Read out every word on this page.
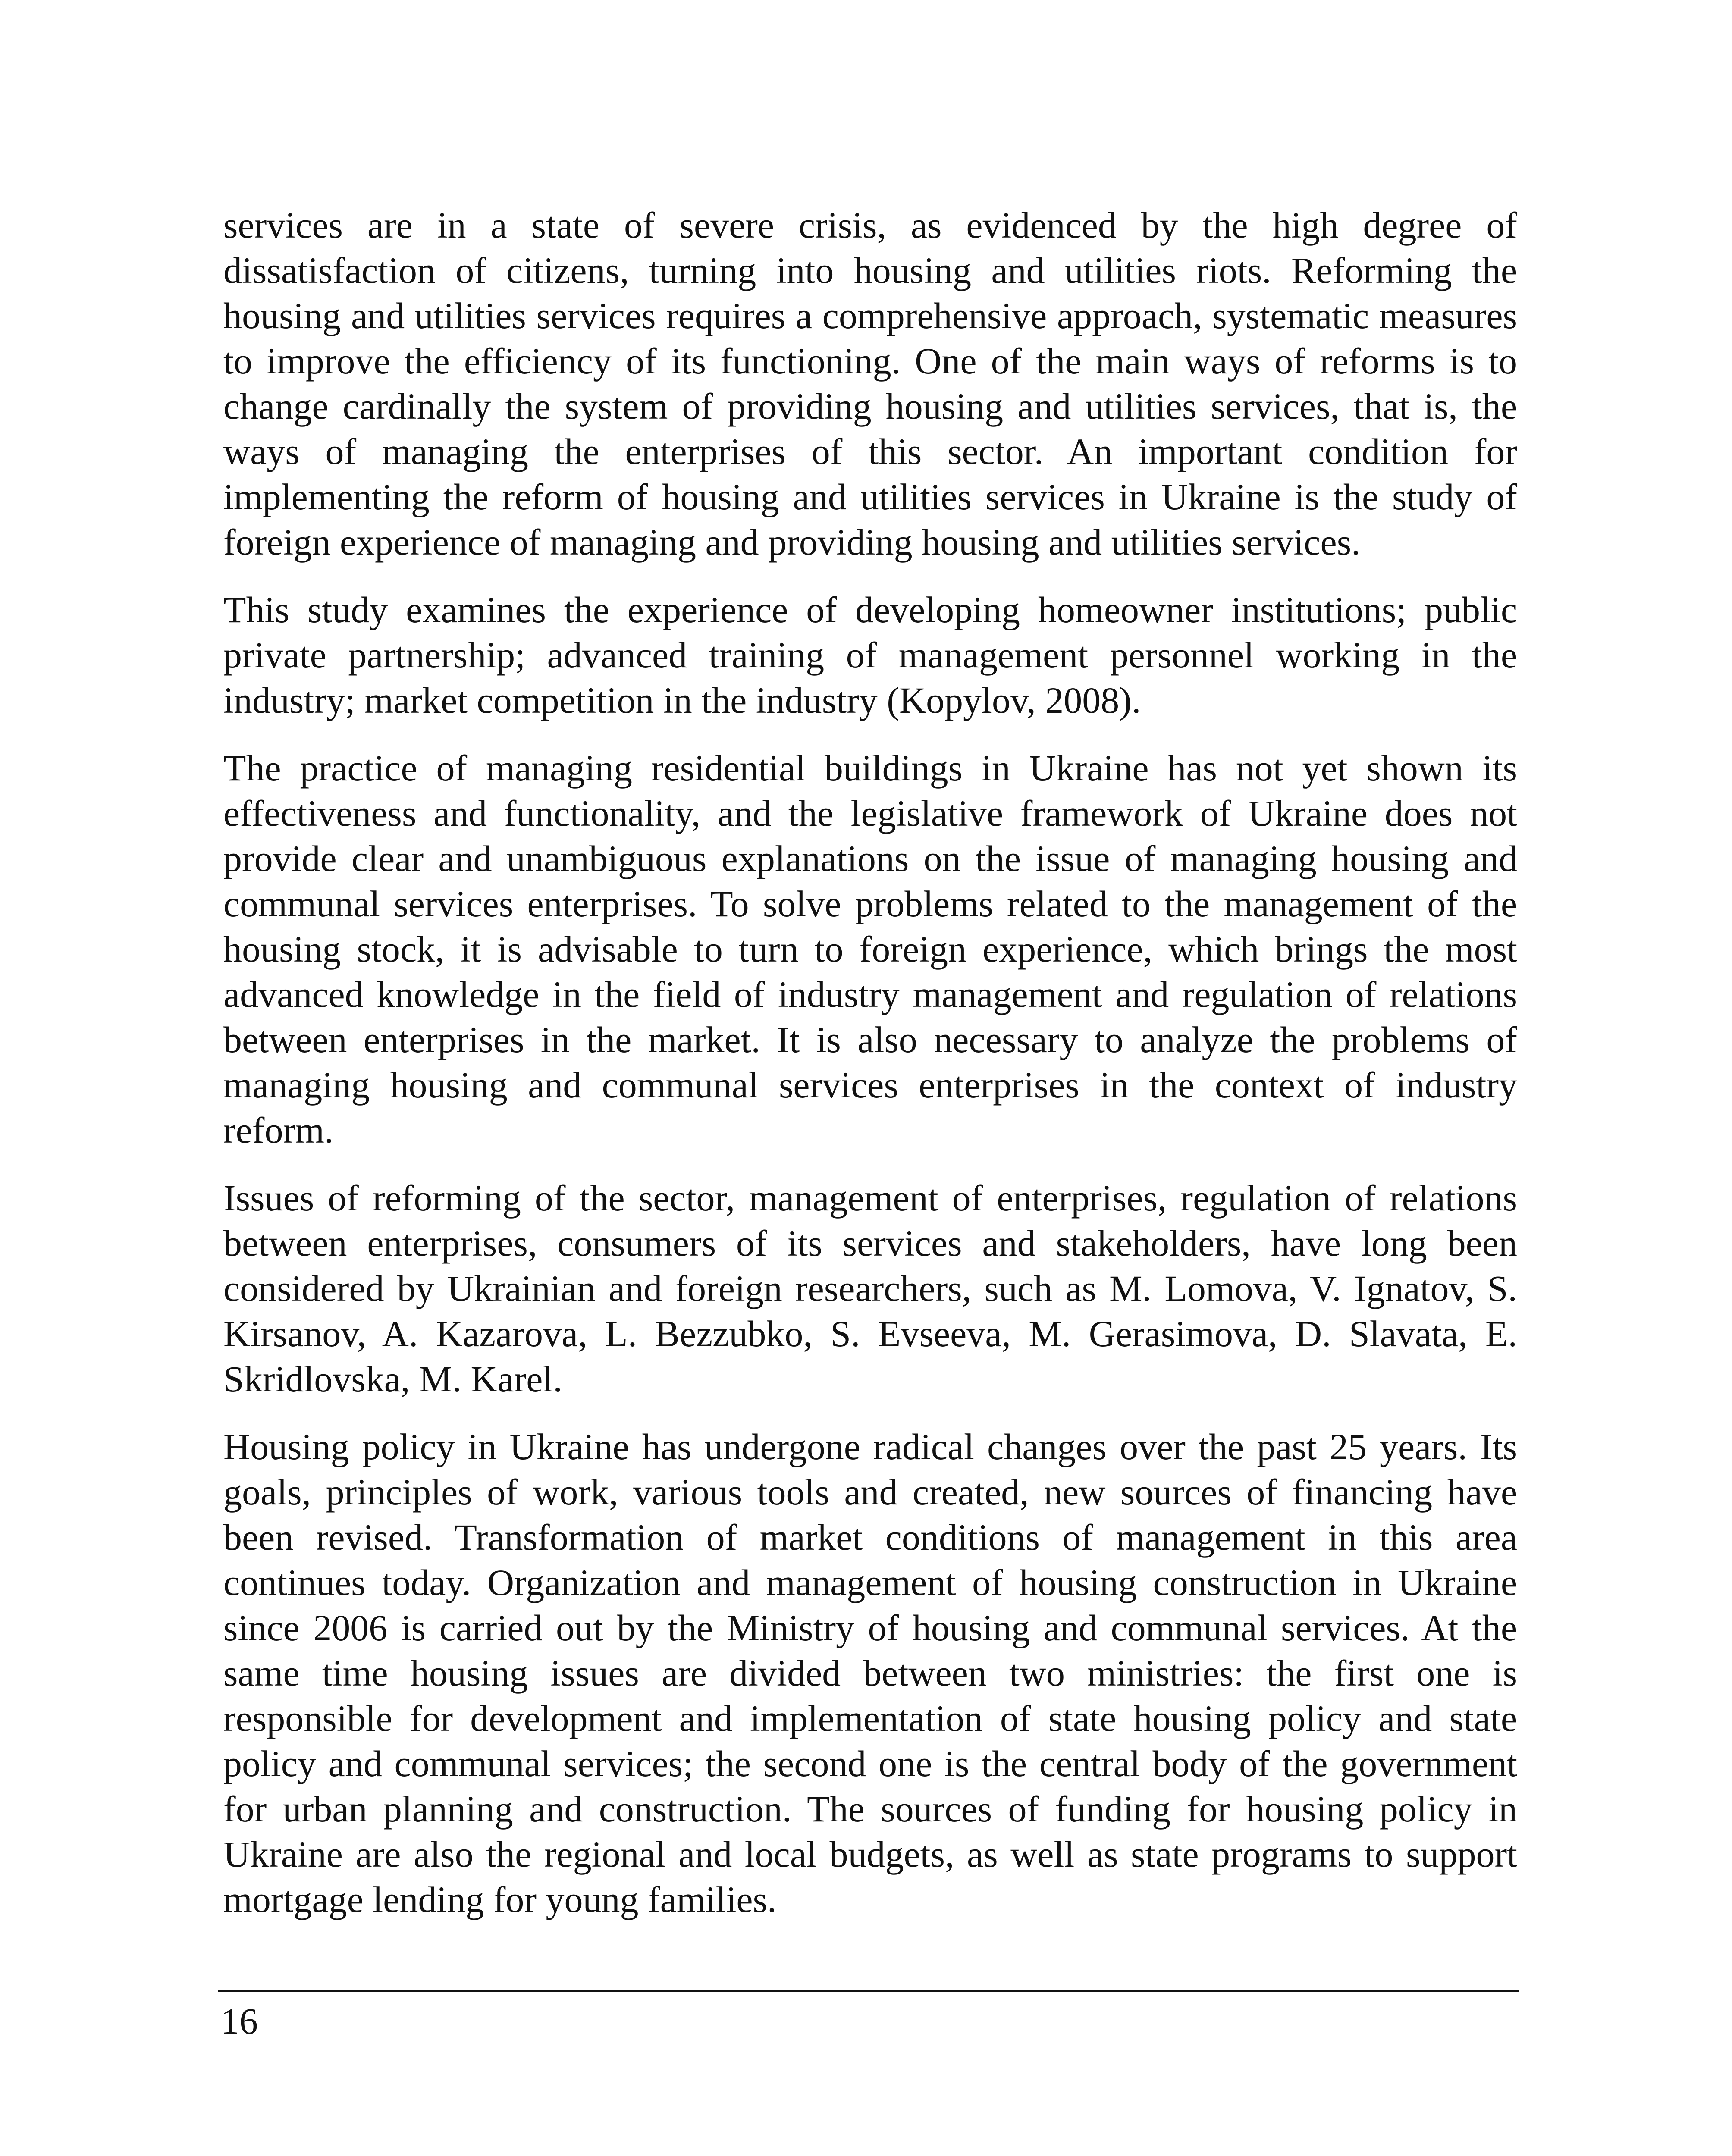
services are in a state of severe crisis, as evidenced by the high degree of dissatisfaction of citizens, turning into housing and utilities riots. Reforming the housing and utilities services requires a comprehensive approach, systematic measures to improve the efficiency of its functioning. One of the main ways of reforms is to change cardinally the system of providing housing and utilities services, that is, the ways of managing the enterprises of this sector. An important condition for implementing the reform of housing and utilities services in Ukraine is the study of foreign experience of managing and providing housing and utilities services.

This study examines the experience of developing homeowner institutions; public private partnership; advanced training of management personnel working in the industry; market competition in the industry (Kopylov, 2008).

The practice of managing residential buildings in Ukraine has not yet shown its effectiveness and functionality, and the legislative framework of Ukraine does not provide clear and unambiguous explanations on the issue of managing housing and communal services enterprises. To solve problems related to the management of the housing stock, it is advisable to turn to foreign experience, which brings the most advanced knowledge in the field of industry management and regulation of relations between enterprises in the market. It is also necessary to analyze the problems of managing housing and communal services enterprises in the context of industry reform.

Issues of reforming of the sector, management of enterprises, regulation of relations between enterprises, consumers of its services and stakeholders, have long been considered by Ukrainian and foreign researchers, such as M. Lomova, V. Ignatov, S. Kirsanov, A. Kazarova, L. Bezzubko, S. Evseeva, M. Gerasimova, D. Slavata, E. Skridlovska, M. Karel.

Housing policy in Ukraine has undergone radical changes over the past 25 years. Its goals, principles of work, various tools and created, new sources of financing have been revised. Transformation of market conditions of management in this area continues today. Organization and management of housing construction in Ukraine since 2006 is carried out by the Ministry of housing and communal services. At the same time housing issues are divided between two ministries: the first one is responsible for development and implementation of state housing policy and state policy and communal services; the second one is the central body of the government for urban planning and construction. The sources of funding for housing policy in Ukraine are also the regional and local budgets, as well as state programs to support mortgage lending for young families.

16
